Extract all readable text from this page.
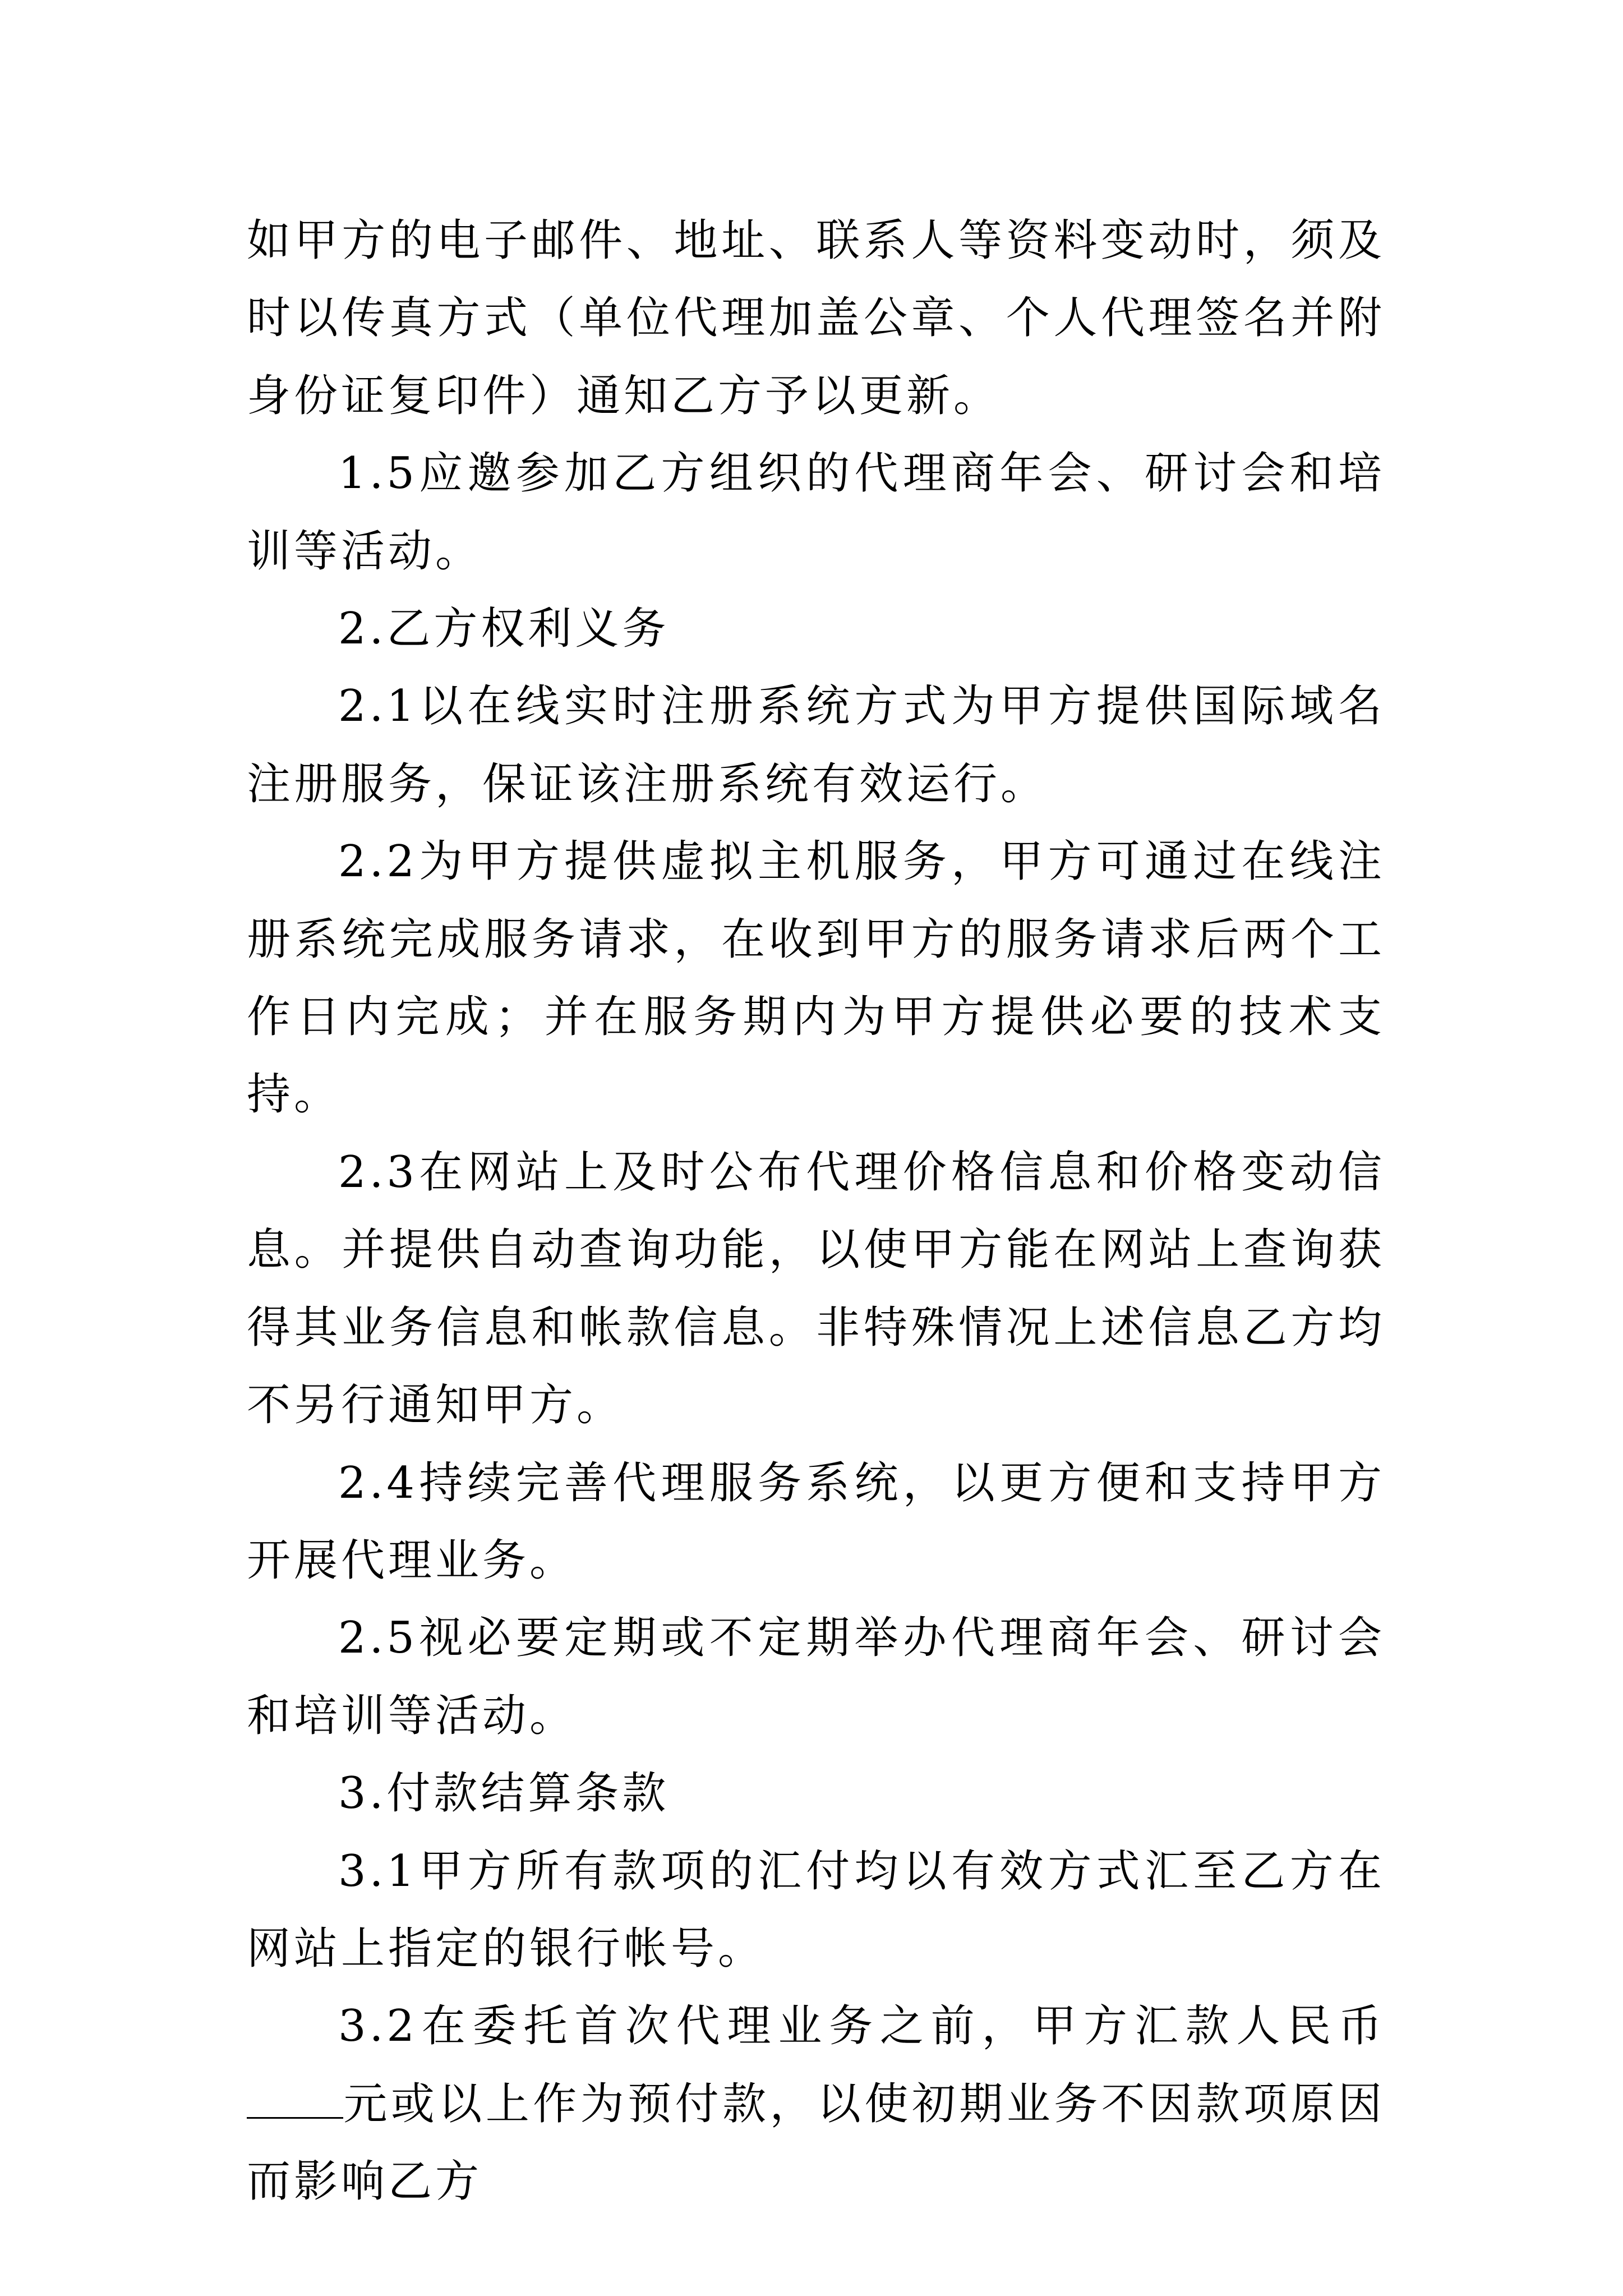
如甲方的电子邮件、地址、联系人等资料变动时，须及时以传真方式（单位代理加盖公章、个人代理签名并附身份证复印件）通知乙方予以更新。

1.5应邀参加乙方组织的代理商年会、研讨会和培训等活动。

2.乙方权利义务

2.1以在线实时注册系统方式为甲方提供国际域名注册服务，保证该注册系统有效运行。

2.2为甲方提供虚拟主机服务，甲方可通过在线注册系统完成服务请求，在收到甲方的服务请求后两个工作日内完成；并在服务期内为甲方提供必要的技术支持。

2.3在网站上及时公布代理价格信息和价格变动信息。并提供自动查询功能，以使甲方能在网站上查询获得其业务信息和帐款信息。非特殊情况上述信息乙方均不另行通知甲方。

2.4持续完善代理服务系统，以更方便和支持甲方开展代理业务。

2.5视必要定期或不定期举办代理商年会、研讨会和培训等活动。

3.付款结算条款

3.1甲方所有款项的汇付均以有效方式汇至乙方在网站上指定的银行帐号。

3.2在委托首次代理业务之前，甲方汇款人民币元或以上作为预付款，以使初期业务不因款项原因而影响乙方
